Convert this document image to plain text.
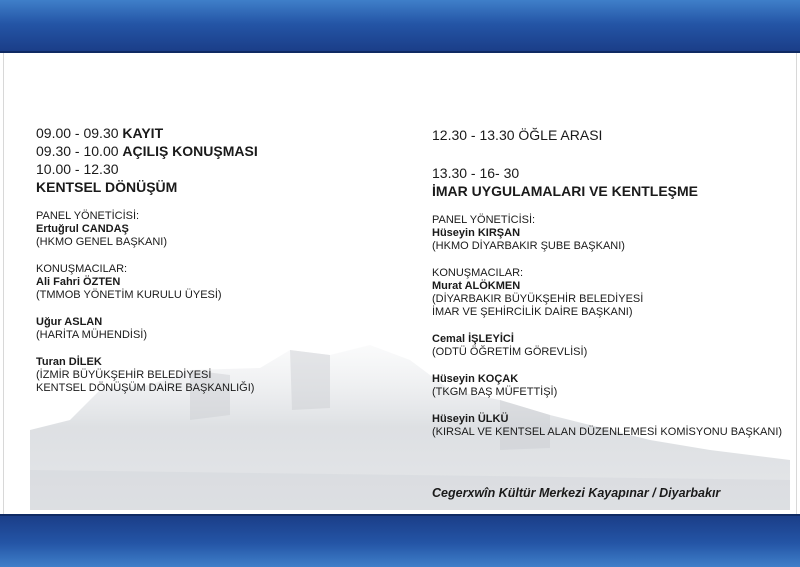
09.00 - 09.30 KAYIT
09.30 - 10.00 AÇILIŞ KONUŞMASI
10.00 - 12.30
KENTSEL DÖNÜŞÜM
PANEL YÖNETİCİSİ:
Ertuğrul CANDAŞ
(HKMO GENEL BAŞKANI)
KONUŞMACILAR:
Ali Fahri ÖZTEN
(TMMOB YÖNETİM KURULU ÜYESİ)
Uğur ASLAN
(HARİTA MÜHENDİSİ)
Turan DİLEK
(İZMİR BÜYÜKŞEHİR BELEDİYESİ
KENTSEL DÖNÜŞÜM DAİRE BAŞKANLIĞI)
12.30 - 13.30 ÖĞLE ARASI
13.30 - 16- 30
İMAR UYGULAMALARI VE KENTLEŞME
PANEL YÖNETİCİSİ:
Hüseyin KIRŞAN
(HKMO DİYARBAKIR ŞUBE BAŞKANI)
KONUŞMACILAR:
Murat ALÖKMEN
(DİYARBAKIR BÜYÜKŞEHİR BELEDİYESİ
İMAR VE ŞEHİRCİLİK DAİRE BAŞKANI)
Cemal İŞLEYİCİ
(ODTÜ ÖĞRETİM GÖREVLİSİ)
Hüseyin KOÇAK
(TKGM BAŞ MÜFETTİŞİ)
Hüseyin ÜLKÜ
(KIRSAL VE KENTSEL ALAN DÜZENLEMESİ KOMİSYONU BAŞKANI)
Cegerxwîn Kültür Merkezi Kayapınar / Diyarbakır
